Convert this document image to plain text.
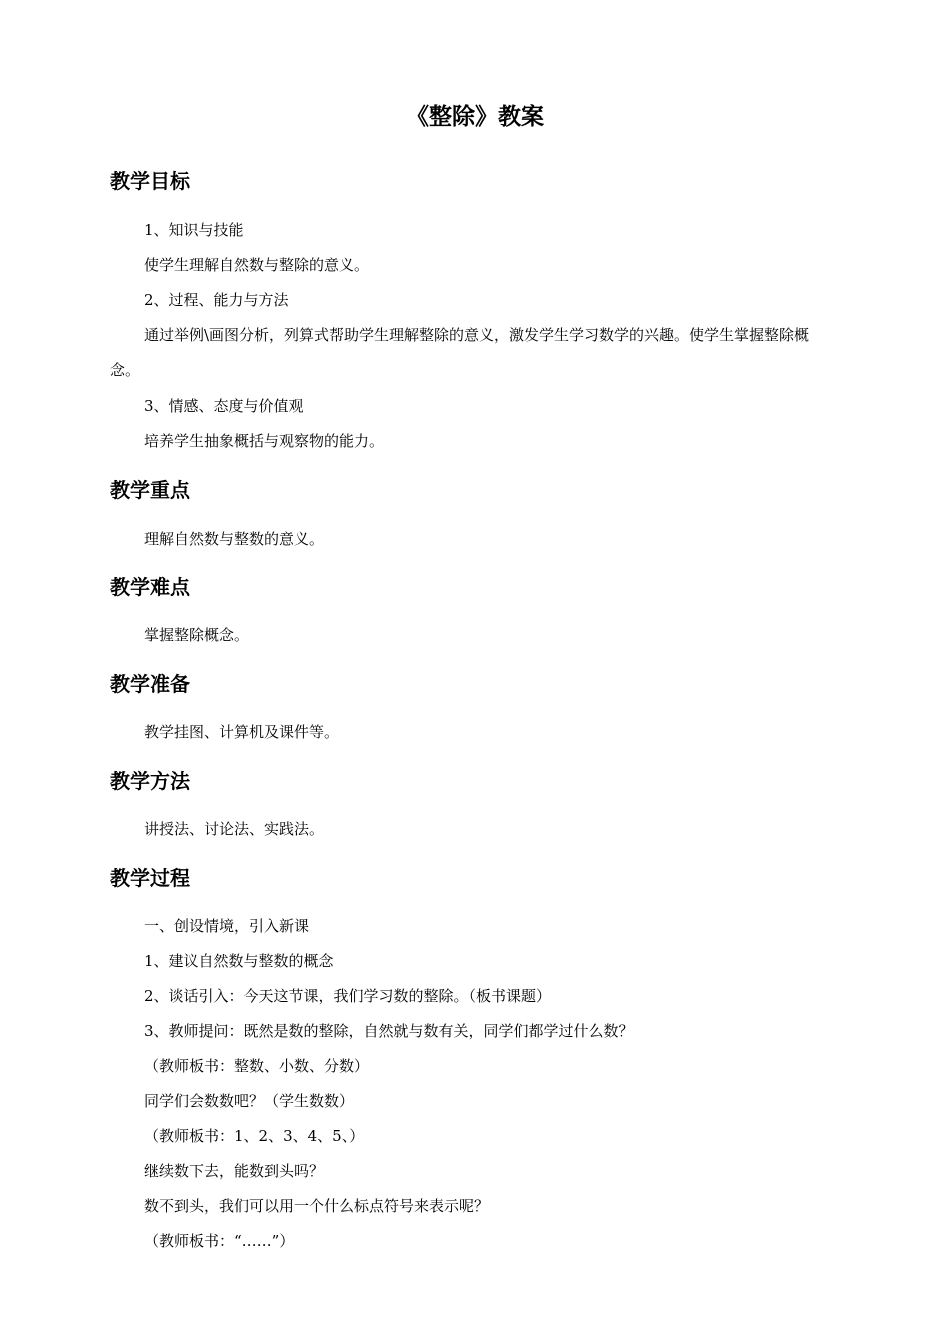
《整除》教案
教学目标

1、知识与技能

使学生理解自然数与整除的意义。

2、过程、能力与方法

通过举例\画图分析，列算式帮助学生理解整除的意义，激发学生学习数学的兴趣。使学生掌握整除概念。

3、情感、态度与价值观

培养学生抽象概括与观察物的能力。

教学重点

理解自然数与整数的意义。

教学难点

掌握整除概念。

教学准备

教学挂图、计算机及课件等。

教学方法

讲授法、讨论法、实践法。

教学过程

一、创设情境，引入新课

1、建议自然数与整数的概念

2、谈话引入：今天这节课，我们学习数的整除。（板书课题）

3、教师提问：既然是数的整除，自然就与数有关，同学们都学过什么数？

（教师板书：整数、小数、分数）

同学们会数数吧？（学生数数）

（教师板书：1、2、3、4、5、）

继续数下去，能数到头吗？

数不到头，我们可以用一个什么标点符号来表示呢？

（教师板书：“……”）
